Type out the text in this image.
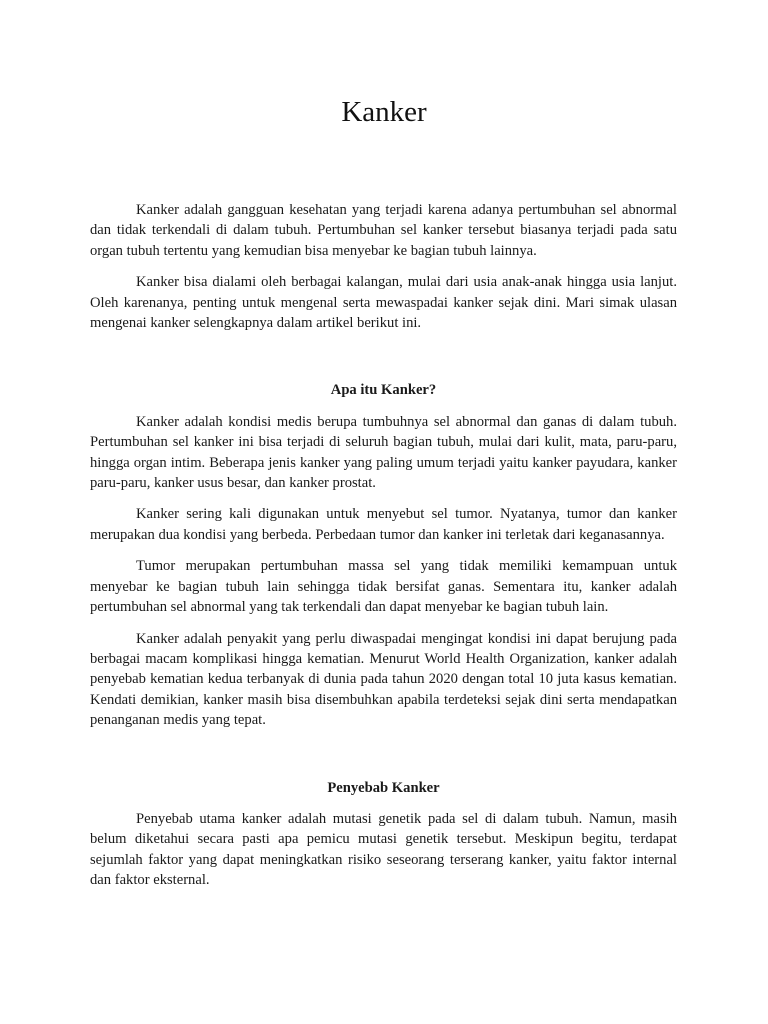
Kanker

Kanker adalah gangguan kesehatan yang terjadi karena adanya pertumbuhan sel abnormal dan tidak terkendali di dalam tubuh. Pertumbuhan sel kanker tersebut biasanya terjadi pada satu organ tubuh tertentu yang kemudian bisa menyebar ke bagian tubuh lainnya.

Kanker bisa dialami oleh berbagai kalangan, mulai dari usia anak-anak hingga usia lanjut. Oleh karenanya, penting untuk mengenal serta mewaspadai kanker sejak dini. Mari simak ulasan mengenai kanker selengkapnya dalam artikel berikut ini.

Apa itu Kanker?

Kanker adalah kondisi medis berupa tumbuhnya sel abnormal dan ganas di dalam tubuh. Pertumbuhan sel kanker ini bisa terjadi di seluruh bagian tubuh, mulai dari kulit, mata, paru-paru, hingga organ intim. Beberapa jenis kanker yang paling umum terjadi yaitu kanker payudara, kanker paru-paru, kanker usus besar, dan kanker prostat.

Kanker sering kali digunakan untuk menyebut sel tumor. Nyatanya, tumor dan kanker merupakan dua kondisi yang berbeda. Perbedaan tumor dan kanker ini terletak dari keganasannya.

Tumor merupakan pertumbuhan massa sel yang tidak memiliki kemampuan untuk menyebar ke bagian tubuh lain sehingga tidak bersifat ganas. Sementara itu, kanker adalah pertumbuhan sel abnormal yang tak terkendali dan dapat menyebar ke bagian tubuh lain.

Kanker adalah penyakit yang perlu diwaspadai mengingat kondisi ini dapat berujung pada berbagai macam komplikasi hingga kematian. Menurut World Health Organization, kanker adalah penyebab kematian kedua terbanyak di dunia pada tahun 2020 dengan total 10 juta kasus kematian. Kendati demikian, kanker masih bisa disembuhkan apabila terdeteksi sejak dini serta mendapatkan penanganan medis yang tepat.

Penyebab Kanker

Penyebab utama kanker adalah mutasi genetik pada sel di dalam tubuh. Namun, masih belum diketahui secara pasti apa pemicu mutasi genetik tersebut. Meskipun begitu, terdapat sejumlah faktor yang dapat meningkatkan risiko seseorang terserang kanker, yaitu faktor internal dan faktor eksternal.
